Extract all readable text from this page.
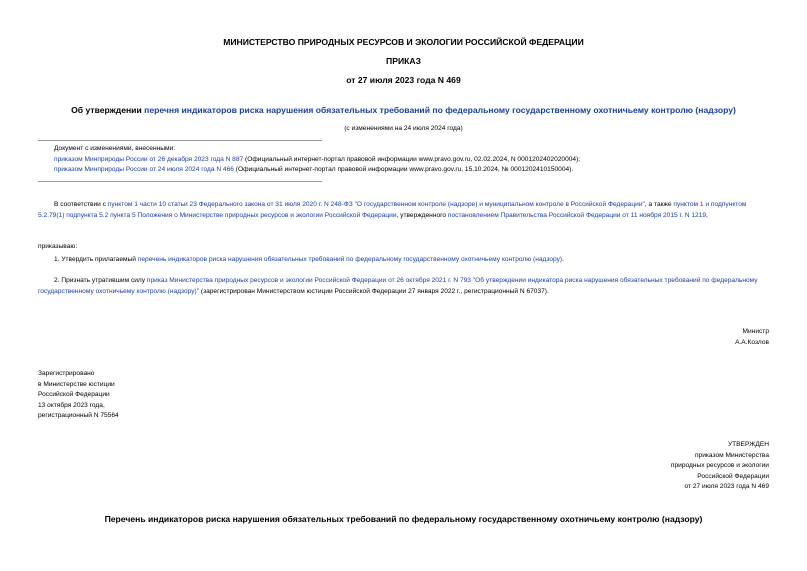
МИНИСТЕРСТВО ПРИРОДНЫХ РЕСУРСОВ И ЭКОЛОГИИ РОССИЙСКОЙ ФЕДЕРАЦИИ
ПРИКАЗ
от 27 июля 2023 года N 469
Об утверждении перечня индикаторов риска нарушения обязательных требований по федеральному государственному охотничьему контролю (надзору)
(с изменениями на 24 июля 2024 года)
Документ с изменениями, внесенными:
приказом Минприроды России от 26 декабря 2023 года N 887 (Официальный интернет-портал правовой информации www.pravo.gov.ru, 02.02.2024, N 0001202402020004);
приказом Минприроды России от 24 июля 2024 года N 466 (Официальный интернет-портал правовой информации www.pravo.gov.ru, 15.10.2024, № 0001202410150004).
В соответствии с пунктом 1 части 10 статьи 23 Федерального закона от 31 июля 2020 г. N 248-ФЗ "О государственном контроле (надзоре) и муниципальном контроле в Российской Федерации", а также пунктом 1 и подпунктом 5.2.79(1) подпункта 5.2 пункта 5 Положения о Министерстве природных ресурсов и экологии Российской Федерации, утвержденного постановлением Правительства Российской Федерации от 11 ноября 2015 г. N 1219,
приказываю:
1. Утвердить прилагаемый перечень индикаторов риска нарушения обязательных требований по федеральному государственному охотничьему контролю (надзору).
2. Признать утратившим силу приказ Министерства природных ресурсов и экологии Российской Федерации от 26 октября 2021 г. N 793 "Об утверждении индикатора риска нарушения обязательных требований по федеральному государственному охотничьему контролю (надзору)" (зарегистрирован Министерством юстиции Российской Федерации 27 января 2022 г., регистрационный N 67037).
Министр
А.А.Козлов
Зарегистрировано
в Министерстве юстиции
Российской Федерации
13 октября 2023 года,
регистрационный N 75564
УТВЕРЖДЕН
приказом Министерства
природных ресурсов и экологии
Российской Федерации
от 27 июля 2023 года N 469
Перечень индикаторов риска нарушения обязательных требований по федеральному государственному охотничьему контролю (надзору)
